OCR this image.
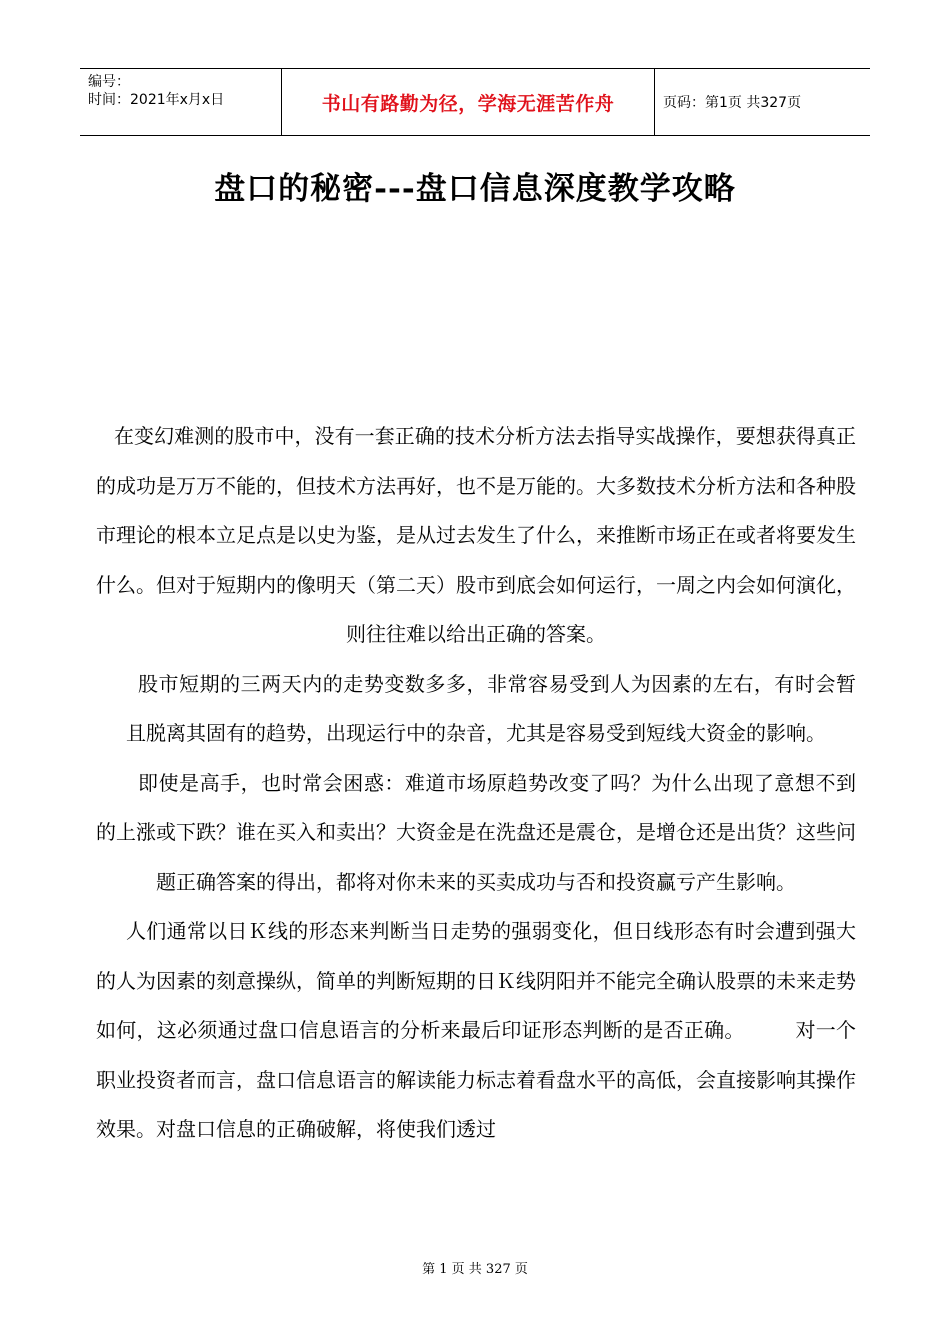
编号：
时间：2021年x月x日	书山有路勤为径，学海无涯苦作舟	页码：第1页 共327页
盘口的秘密---盘口信息深度教学攻略

在变幻难测的股市中，没有一套正确的技术分析方法去指导实战操作，要想获得真正的成功是万万不能的，但技术方法再好，也不是万能的。大多数技术分析方法和各种股市理论的根本立足点是以史为鉴，是从过去发生了什么，来推断市场正在或者将要发生什么。但对于短期内的像明天（第二天）股市到底会如何运行，一周之内会如何演化，则往往难以给出正确的答案。

股市短期的三两天内的走势变数多多，非常容易受到人为因素的左右，有时会暂且脱离其固有的趋势，出现运行中的杂音，尤其是容易受到短线大资金的影响。

即使是高手，也时常会困惑：难道市场原趋势改变了吗？为什么出现了意想不到的上涨或下跌？谁在买入和卖出？大资金是在洗盘还是震仓，是增仓还是出货？这些问题正确答案的得出，都将对你未来的买卖成功与否和投资赢亏产生影响。

人们通常以日Ｋ线的形态来判断当日走势的强弱变化，但日线形态有时会遭到强大的人为因素的刻意操纵，简单的判断短期的日Ｋ线阴阳并不能完全确认股票的未来走势如何，这必须通过盘口信息语言的分析来最后印证形态判断的是否正确。　　　对一个职业投资者而言，盘口信息语言的解读能力标志着看盘水平的高低，会直接影响其操作效果。对盘口信息的正确破解，将使我们透过

第 1 页 共 327 页
